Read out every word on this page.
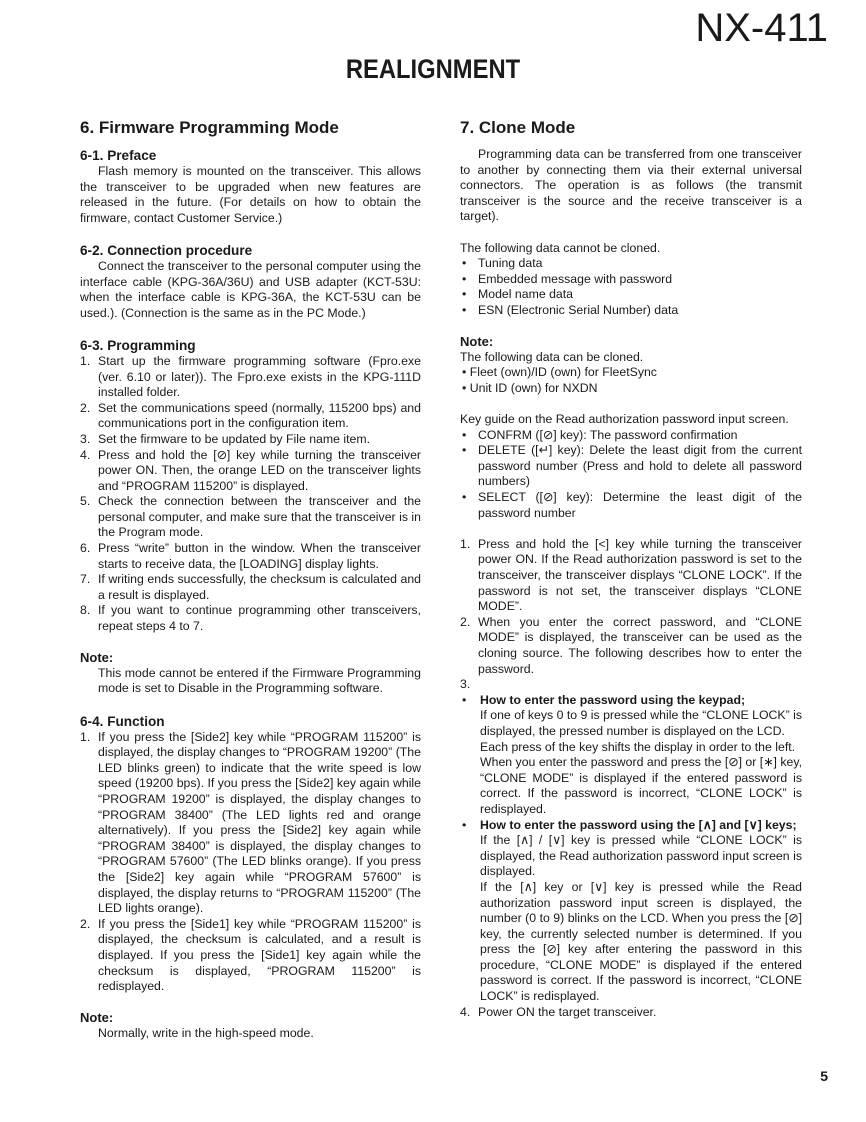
NX-411
REALIGNMENT
6. Firmware Programming Mode
6-1. Preface

Flash memory is mounted on the transceiver. This allows the transceiver to be upgraded when new features are released in the future. (For details on how to obtain the firmware, contact Customer Service.)

6-2. Connection procedure

Connect the transceiver to the personal computer using the interface cable (KPG-36A/36U) and USB adapter (KCT-53U: when the interface cable is KPG-36A, the KCT-53U can be used.). (Connection is the same as in the PC Mode.)

6-3. Programming
1. Start up the firmware programming software (Fpro.exe (ver. 6.10 or later)). The Fpro.exe exists in the KPG-111D installed folder.
2. Set the communications speed (normally, 115200 bps) and communications port in the configuration item.
3. Set the firmware to be updated by File name item.
4. Press and hold the [⊘] key while turning the transceiver power ON. Then, the orange LED on the transceiver lights and “PROGRAM 115200” is displayed.
5. Check the connection between the transceiver and the personal computer, and make sure that the transceiver is in the Program mode.
6. Press “write” button in the window. When the transceiver starts to receive data, the [LOADING] display lights.
7. If writing ends successfully, the checksum is calculated and a result is displayed.
8. If you want to continue programming other transceivers, repeat steps 4 to 7.
Note:

This mode cannot be entered if the Firmware Programming mode is set to Disable in the Programming software.

6-4. Function
1. If you press the [Side2] key while “PROGRAM 115200” is displayed, the display changes to “PROGRAM 19200” (The LED blinks green) to indicate that the write speed is low speed (19200 bps). If you press the [Side2] key again while “PROGRAM 19200” is displayed, the display changes to “PROGRAM 38400” (The LED lights red and orange alternatively). If you press the [Side2] key again while “PROGRAM 38400” is displayed, the display changes to “PROGRAM 57600” (The LED blinks orange). If you press the [Side2] key again while “PROGRAM 57600” is displayed, the display returns to “PROGRAM 115200” (The LED lights orange).
2. If you press the [Side1] key while “PROGRAM 115200” is displayed, the checksum is calculated, and a result is displayed. If you press the [Side1] key again while the checksum is displayed, “PROGRAM 115200” is redisplayed.
Note:

Normally, write in the high-speed mode.

7. Clone Mode

Programming data can be transferred from one transceiver to another by connecting them via their external universal connectors. The operation is as follows (the transmit transceiver is the source and the receive transceiver is a target).

The following data cannot be cloned.

• Tuning data
• Embedded message with password
• Model name data
• ESN (Electronic Serial Number) data
Note:

The following data can be cloned.

• Fleet (own)/ID (own) for FleetSync
• Unit ID (own) for NXDN

Key guide on the Read authorization password input screen.

• CONFRM ([⊘] key): The password confirmation
• DELETE ([↵] key): Delete the least digit from the current password number (Press and hold to delete all password numbers)
• SELECT ([⊘] key): Determine the least digit of the password number
1. Press and hold the [<] key while turning the transceiver power ON. If the Read authorization password is set to the transceiver, the transceiver displays “CLONE LOCK”. If the password is not set, the transceiver displays “CLONE MODE”.
2. When you enter the correct password, and “CLONE MODE” is displayed, the transceiver can be used as the cloning source. The following describes how to enter the password.
3.
• How to enter the password using the keypad;

If one of keys 0 to 9 is pressed while the “CLONE LOCK” is displayed, the pressed number is displayed on the LCD.

Each press of the key shifts the display in order to the left.

When you enter the password and press the [⊘] or [∗] key, “CLONE MODE” is displayed if the entered password is correct. If the password is incorrect, “CLONE LOCK” is redisplayed.

• How to enter the password using the [∧] and [∨] keys;

If the [∧] / [∨] key is pressed while “CLONE LOCK” is displayed, the Read authorization password input screen is displayed.

If the [∧] key or [∨] key is pressed while the Read authorization password input screen is displayed, the number (0 to 9) blinks on the LCD. When you press the [⊘] key, the currently selected number is determined. If you press the [⊘] key after entering the password in this procedure, “CLONE MODE” is displayed if the entered password is correct. If the password is incorrect, “CLONE LOCK” is redisplayed.

4. Power ON the target transceiver.
5
